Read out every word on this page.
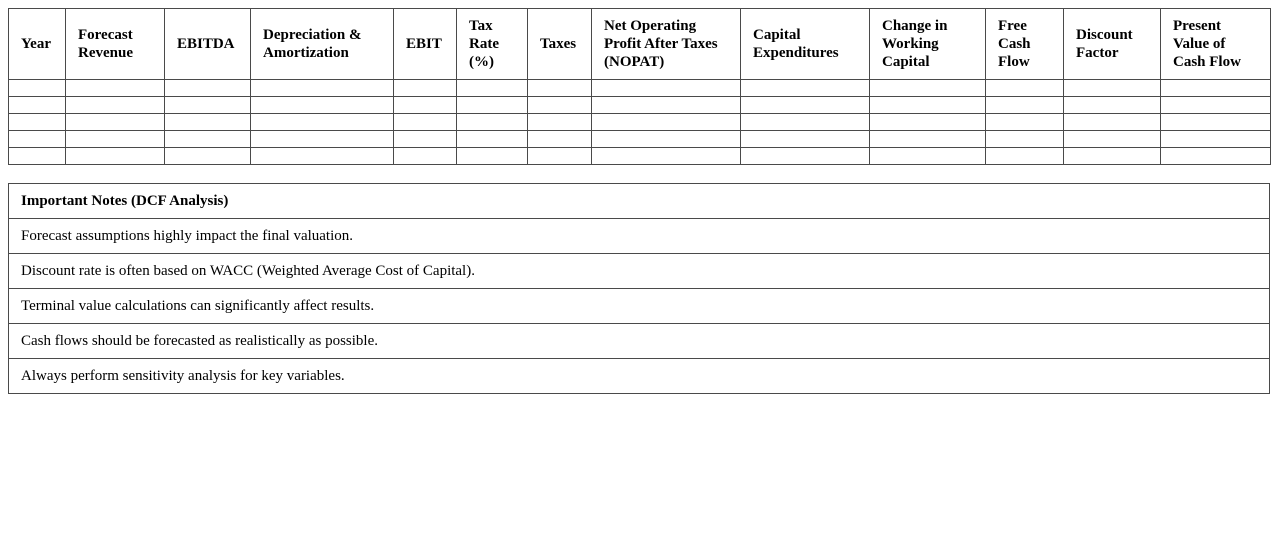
Year	Forecast Revenue	EBITDA	Depreciation & Amortization	EBIT	Tax Rate (%)	Taxes	Net Operating Profit After Taxes (NOPAT)	Capital Expenditures	Change in Working Capital	Free Cash Flow	Discount Factor	Present Value of Cash Flow

Important Notes (DCF Analysis)
Forecast assumptions highly impact the final valuation.
Discount rate is often based on WACC (Weighted Average Cost of Capital).
Terminal value calculations can significantly affect results.
Cash flows should be forecasted as realistically as possible.
Always perform sensitivity analysis for key variables.
